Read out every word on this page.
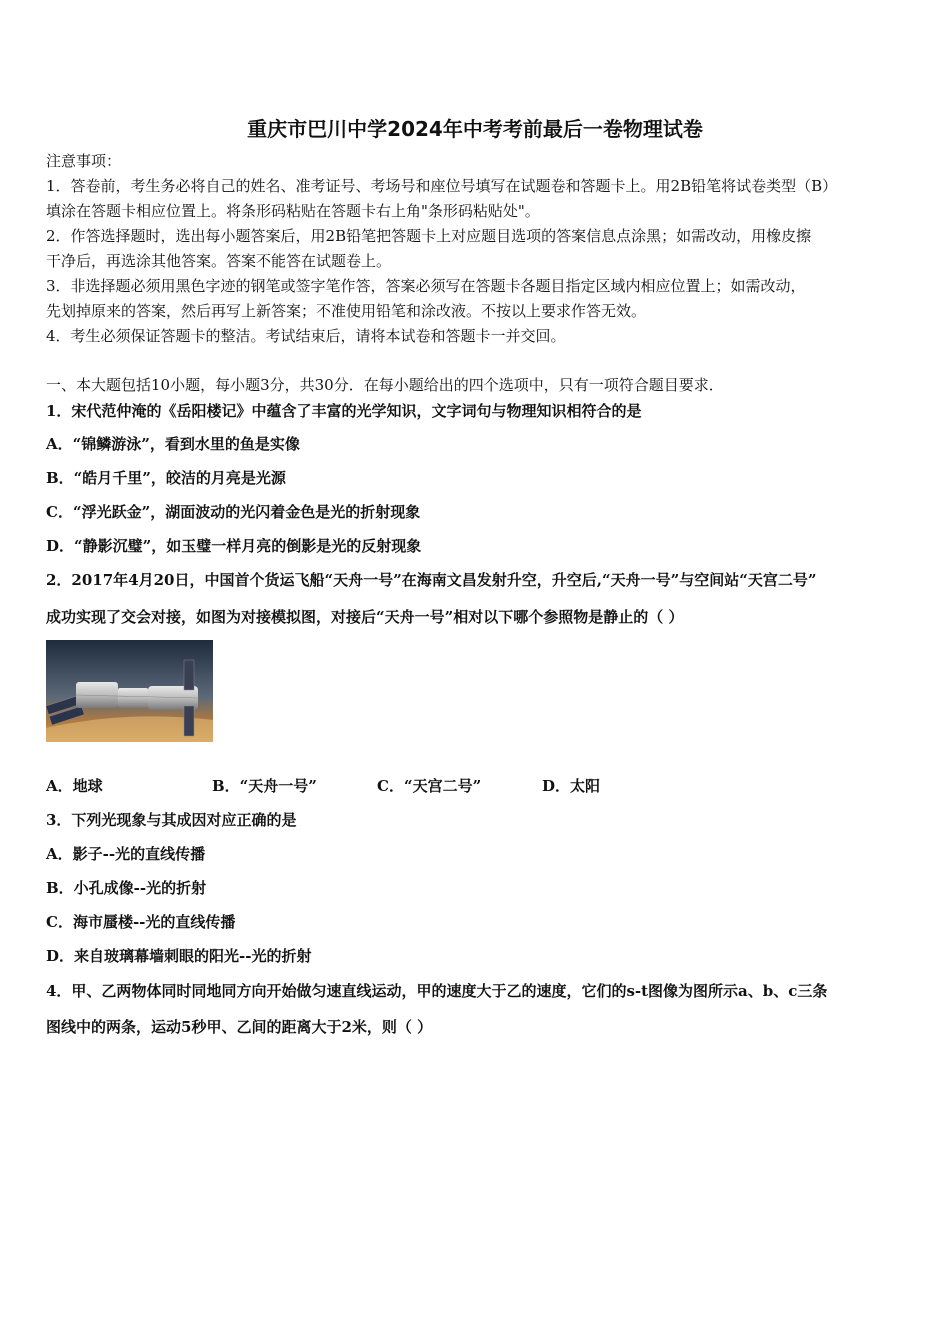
重庆市巴川中学2024年中考考前最后一卷物理试卷
注意事项：
1．答卷前，考生务必将自己的姓名、准考证号、考场号和座位号填写在试题卷和答题卡上。用2B铅笔将试卷类型（B）
填涂在答题卡相应位置上。将条形码粘贴在答题卡右上角"条形码粘贴处"。
2．作答选择题时，选出每小题答案后，用2B铅笔把答题卡上对应题目选项的答案信息点涂黑；如需改动，用橡皮擦
干净后，再选涂其他答案。答案不能答在试题卷上。
3．非选择题必须用黑色字迹的钢笔或签字笔作答，答案必须写在答题卡各题目指定区域内相应位置上；如需改动，
先划掉原来的答案，然后再写上新答案；不准使用铅笔和涂改液。不按以上要求作答无效。
4．考生必须保证答题卡的整洁。考试结束后，请将本试卷和答题卡一并交回。
一、本大题包括10小题，每小题3分，共30分．在每小题给出的四个选项中，只有一项符合题目要求．
1．宋代范仲淹的《岳阳楼记》中蕴含了丰富的光学知识，文字词句与物理知识相符合的是
A．“锦鳞游泳”，看到水里的鱼是实像
B．“皓月千里”，皎洁的月亮是光源
C．“浮光跃金”，湖面波动的光闪着金色是光的折射现象
D．“静影沉璧”，如玉璧一样月亮的倒影是光的反射现象
2．2017年4月20日，中国首个货运飞船“天舟一号”在海南文昌发射升空，升空后,“天舟一号”与空间站“天宫二号”
成功实现了交会对接，如图为对接模拟图，对接后“天舟一号”相对以下哪个参照物是静止的（ ）
A．地球	B．“天舟一号”	C．“天宫二号”	D．太阳
3．下列光现象与其成因对应正确的是
A．影子--光的直线传播
B．小孔成像--光的折射
C．海市蜃楼--光的直线传播
D．来自玻璃幕墙刺眼的阳光--光的折射
4．甲、乙两物体同时同地同方向开始做匀速直线运动，甲的速度大于乙的速度，它们的s-t图像为图所示a、b、c三条
图线中的两条，运动5秒甲、乙间的距离大于2米，则（ ）
